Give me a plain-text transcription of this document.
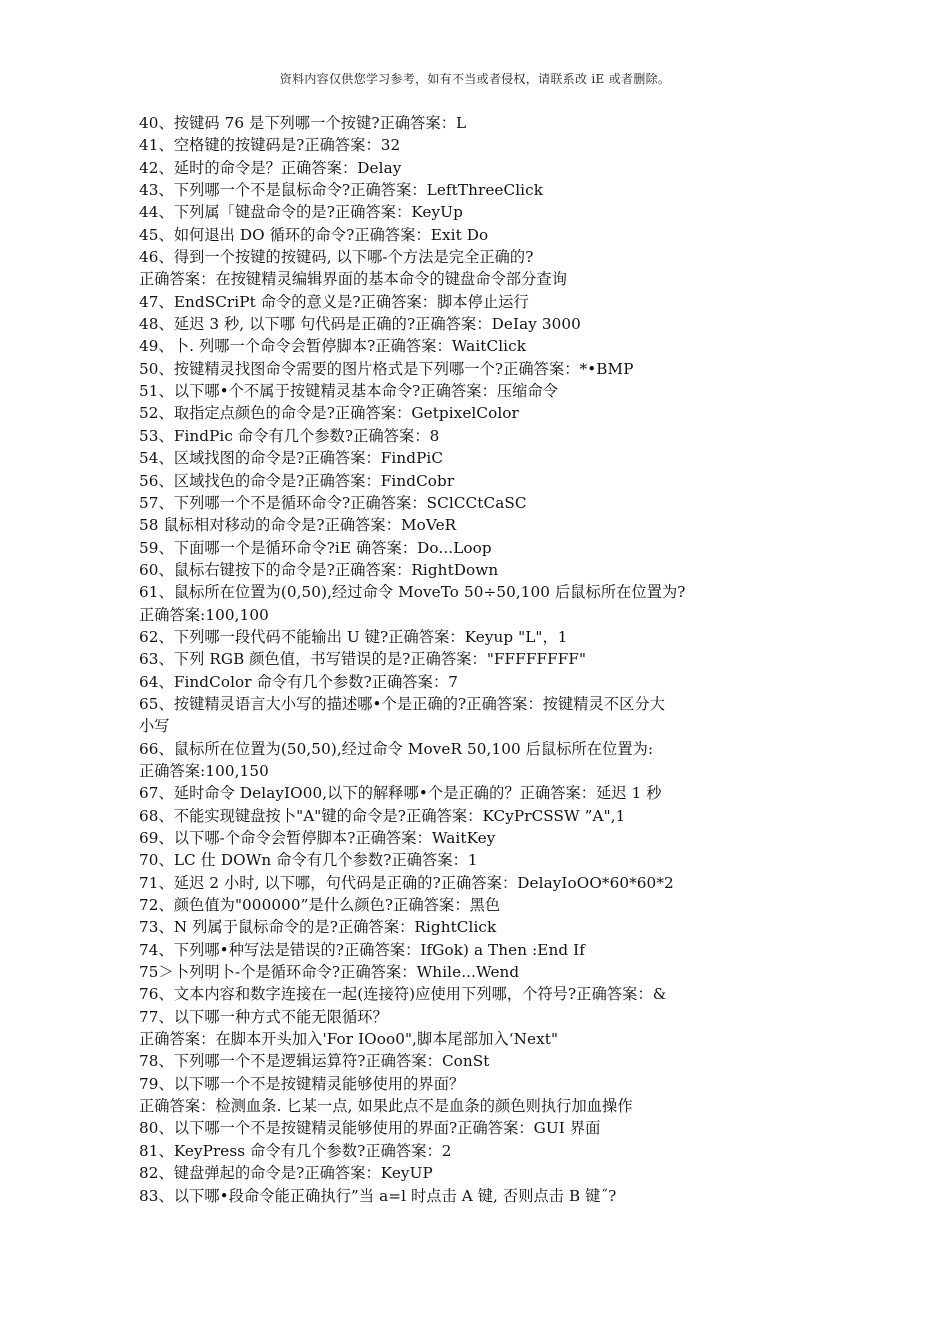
资料内容仅供您学习参考，如有不当或者侵权，请联系改 iE 或者删除。
40、按键码 76 是下列哪一个按键?正确答案：L
41、空格键的按键码是?正确答案：32
42、延时的命令是？正确答案：Delay
43、下列哪一个不是鼠标命令?正确答案：LeftThreeClick
44、下列属「键盘命令的是?正确答案：KeyUp
45、如何退出 DO 循环的命令?正确答案：Exit Do
46、得到一个按键的按键码, 以下哪-个方法是完全正确的?
正确答案：在按键精灵编辑界面的基本命令的键盘命令部分查询
47、EndSCriPt 命令的意义是?正确答案：脚本停止运行
48、延迟 3 秒, 以下哪 句代码是正确的?正确答案：DeIay 3000
49、卜. 列哪一个命令会暂停脚本?正确答案：WaitClick
50、按键精灵找图命令需要的图片格式是下列哪一个?正确答案：*•BMP
51、以下哪•个不属于按键精灵基本命令?正确答案：压缩命令
52、取指定点颜色的命令是?正确答案：GetpixelColor
53、FindPic 命令有几个参数?正确答案：8
54、区域找图的命令是?正确答案：FindPiC
56、区域找色的命令是?正确答案：FindCobr
57、下列哪一个不是循环命令?正确答案：SClCCtCaSC
58 鼠标相对移动的命令是?正确答案：MoVeR
59、下面哪一个是循环命令?iE 确答案：Do...Loop
60、鼠标右键按下的命令是?正确答案：RightDown
61、鼠标所在位置为(0,50),经过命令 MoveTo 50÷50,100 后鼠标所在位置为?
正确答案:100,100
62、下列哪一段代码不能输出 U 键?正确答案：Keyup "L"，1
63、下列 RGB 颜色值，书写错误的是?正确答案："FFFFFFFF"
64、FindColor 命令有几个参数?正确答案：7
65、按键精灵语言大小写的描述哪•个是正确的?正确答案：按键精灵不区分大
小写
66、鼠标所在位置为(50,50),经过命令 MoveR 50,100 后鼠标所在位置为:
正确答案:100,150
67、延时命令 DelayIO00,以下的解释哪•个是正确的？正确答案：延迟 1 秒
68、不能实现键盘按卜"A"键的命令是?正确答案：KCyPrCSSW ”A",1
69、以下哪-个命令会暂停脚本?正确答案：WaitKey
70、LC 仕 DOWn 命令有几个参数?正确答案：1
71、延迟 2 小时, 以下哪，句代码是正确的?正确答案：DelayIoOO*60*60*2
72、颜色值为"000000”是什么颜色?正确答案：黑色
73、N 列属于鼠标命令的是?正确答案：RightClick
74、下列哪•种写法是错误的?正确答案：IfGok) a Then :End If
75＞卜列明卜-个是循环命令?正确答案：While...Wend
76、文本内容和数字连接在一起(连接符)应使用下列哪，个符号?正确答案：&
77、以下哪一种方式不能无限循环？
正确答案：在脚本开头加入'For IOoo0",脚本尾部加入‘Next"
78、下列哪一个不是逻辑运算符?正确答案：ConSt
79、以下哪一个不是按键精灵能够使用的界面？
正确答案：检测血条. 匕某一点, 如果此点不是血条的颜色则执行加血操作
80、以下哪一个不是按键精灵能够使用的界面?正确答案：GUI 界面
81、KeyPress 命令有几个参数?正确答案：2
82、键盘弹起的命令是?正确答案：KeyUP
83、以下哪•段命令能正确执行”当 a=l 时点击 A 键, 否则点击 B 键˝?
